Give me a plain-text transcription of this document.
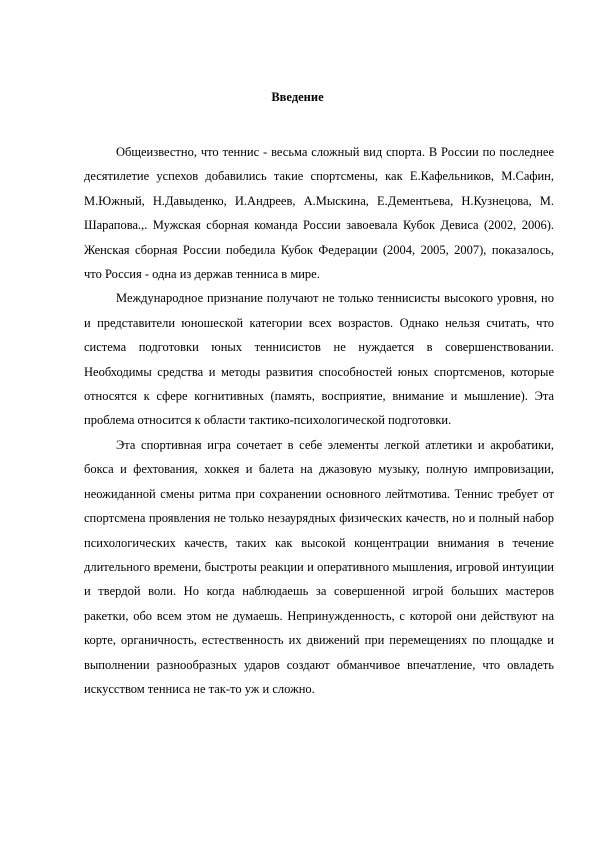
Введение

Общеизвестно, что теннис - весьма сложный вид спорта. В России по последнее десятилетие успехов добавились такие спортсмены, как Е.Кафельников, М.Сафин, М.Южный, Н.Давыденко, И.Андреев, А.Мыскина, Е.Дементьева, Н.Кузнецова, М. Шарапова.,. Мужская сборная команда России завоевала Кубок Девиса (2002, 2006). Женская сборная России победила Кубок Федерации (2004, 2005, 2007), показалось, что Россия - одна из держав тенниса в мире.

Международное признание получают не только теннисисты высокого уровня, но и представители юношеской категории всех возрастов. Однако нельзя считать, что система подготовки юных теннисистов не нуждается в совершенствовании. Необходимы средства и методы развития способностей юных спортсменов, которые относятся к сфере когнитивных (память, восприятие, внимание и мышление). Эта проблема относится к области тактико-психологической подготовки.

Эта спортивная игра сочетает в себе элементы легкой атлетики и акробатики, бокса и фехтования, хоккея и балета на джазовую музыку, полную импровизации, неожиданной смены ритма при сохранении основного лейтмотива. Теннис требует от спортсмена проявления не только незаурядных физических качеств, но и полный набор психологических качеств, таких как высокой концентрации внимания в течение длительного времени, быстроты реакции и оперативного мышления, игровой интуиции и твердой воли. Но когда наблюдаешь за совершенной игрой больших мастеров ракетки, обо всем этом не думаешь. Непринужденность, с которой они действуют на корте, органичность, естественность их движений при перемещениях по площадке и выполнении разнообразных ударов создают обманчивое впечатление, что овладеть искусством тенниса не так-то уж и сложно.
